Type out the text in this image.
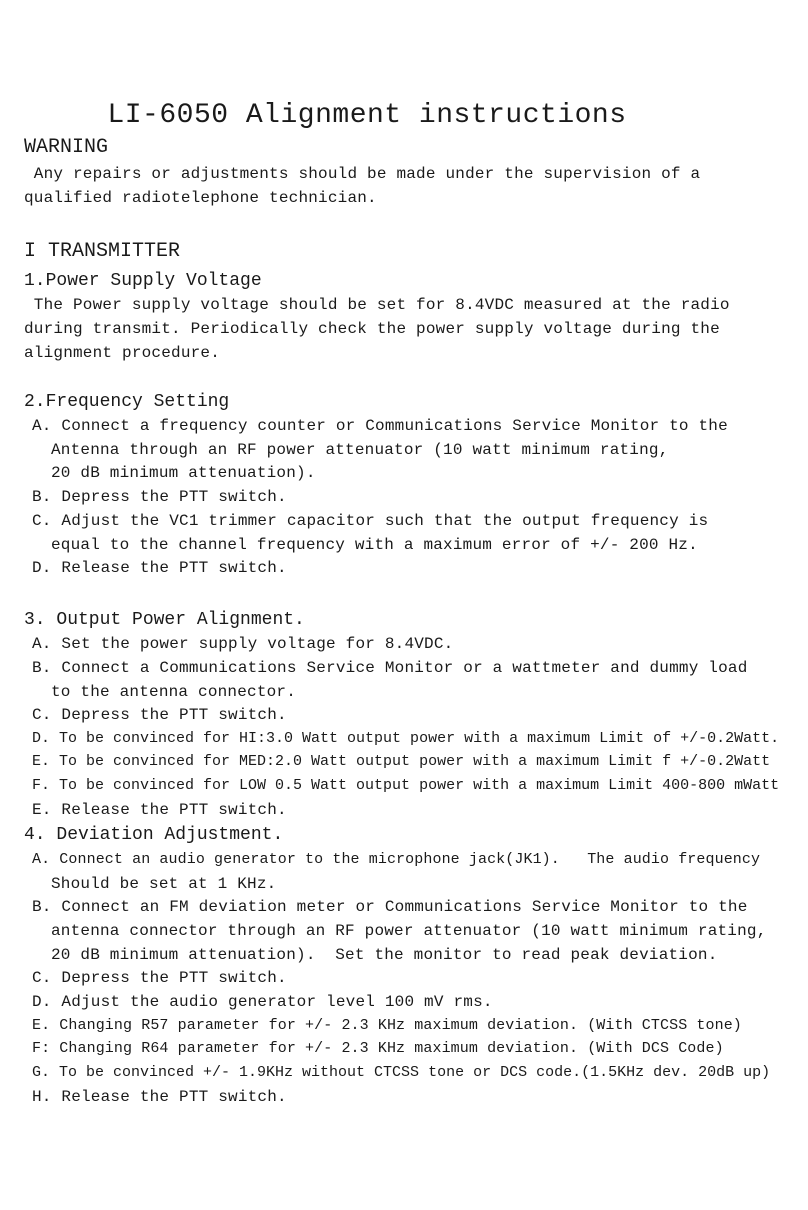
LI-6050 Alignment instructions
WARNING
Any repairs or adjustments should be made under the supervision of a
qualified radiotelephone technician.
I TRANSMITTER
1.Power Supply Voltage
The Power supply voltage should be set for 8.4VDC measured at the radio
during transmit. Periodically check the power supply voltage during the
alignment procedure.
2.Frequency Setting
A. Connect a frequency counter or Communications Service Monitor to the
Antenna through an RF power attenuator (10 watt minimum rating,
20 dB minimum attenuation).
B. Depress the PTT switch.
C. Adjust the VC1 trimmer capacitor such that the output frequency is
equal to the channel frequency with a maximum error of +/- 200 Hz.
D. Release the PTT switch.
3. Output Power Alignment.
A. Set the power supply voltage for 8.4VDC.
B. Connect a Communications Service Monitor or a wattmeter and dummy load
to the antenna connector.
C. Depress the PTT switch.
D. To be convinced for HI:3.0 Watt output power with a maximum Limit of +/-0.2Watt.
E. To be convinced for MED:2.0 Watt output power with a maximum Limit f +/-0.2Watt
F. To be convinced for LOW 0.5 Watt output power with a maximum Limit 400-800 mWatt
E. Release the PTT switch.
4. Deviation Adjustment.
A. Connect an audio generator to the microphone jack(JK1).   The audio frequency
Should be set at 1 KHz.
B. Connect an FM deviation meter or Communications Service Monitor to the
antenna connector through an RF power attenuator (10 watt minimum rating,
20 dB minimum attenuation).  Set the monitor to read peak deviation.
C. Depress the PTT switch.
D. Adjust the audio generator level 100 mV rms.
E. Changing R57 parameter for +/- 2.3 KHz maximum deviation. (With CTCSS tone)
F: Changing R64 parameter for +/- 2.3 KHz maximum deviation. (With DCS Code)
G. To be convinced +/- 1.9KHz without CTCSS tone or DCS code.(1.5KHz dev. 20dB up)
H. Release the PTT switch.
